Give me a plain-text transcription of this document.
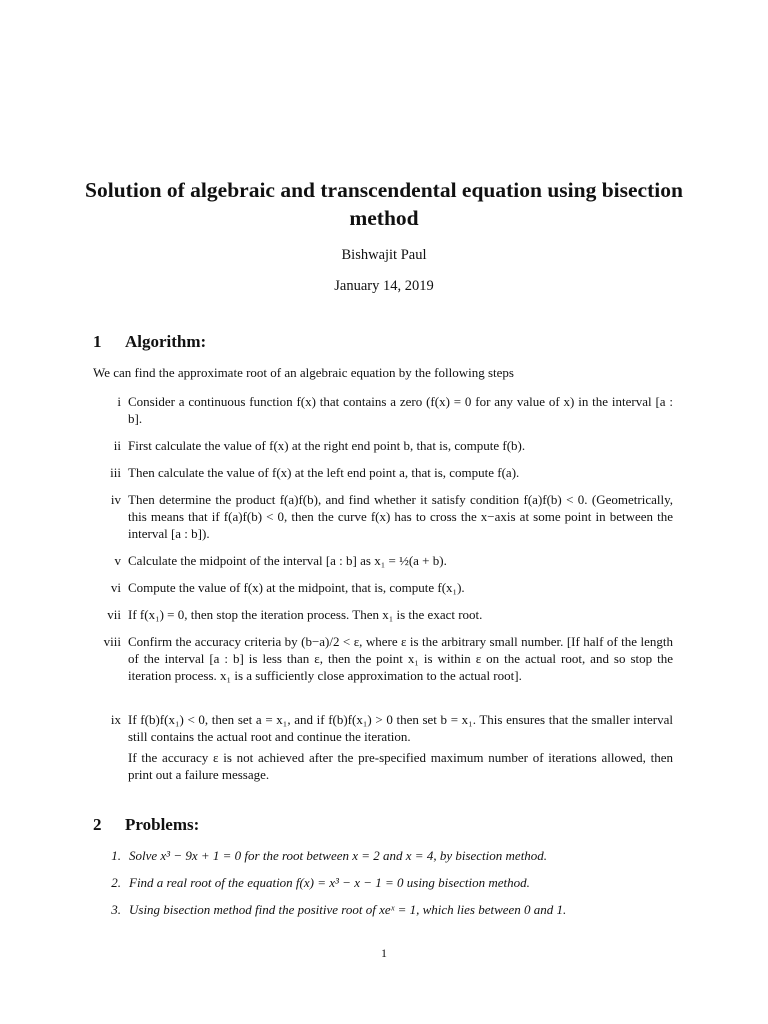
Solution of algebraic and transcendental equation using bisection method
Bishwajit Paul
January 14, 2019
1 Algorithm:
We can find the approximate root of an algebraic equation by the following steps
i Consider a continuous function f(x) that contains a zero (f(x) = 0 for any value of x) in the interval [a : b].
ii First calculate the value of f(x) at the right end point b, that is, compute f(b).
iii Then calculate the value of f(x) at the left end point a, that is, compute f(a).
iv Then determine the product f(a)f(b), and find whether it satisfy condition f(a)f(b) < 0. (Geometrically, this means that if f(a)f(b) < 0, then the curve f(x) has to cross the x−axis at some point in between the interval [a : b]).
v Calculate the midpoint of the interval [a : b] as x₁ = ½(a + b).
vi Compute the value of f(x) at the midpoint, that is, compute f(x₁).
vii If f(x₁) = 0, then stop the iteration process. Then x₁ is the exact root.
viii Confirm the accuracy criteria by (b−a)/2 < ε, where ε is the arbitrary small number. [If half of the length of the interval [a : b] is less than ε, then the point x₁ is within ε on the actual root, and so stop the iteration process. x₁ is a sufficiently close approximation to the actual root].
ix If f(b)f(x₁) < 0, then set a = x₁, and if f(b)f(x₁) > 0 then set b = x₁. This ensures that the smaller interval still contains the actual root and continue the iteration.
If the accuracy ε is not achieved after the pre-specified maximum number of iterations allowed, then print out a failure message.
2 Problems:
1. Solve x³ − 9x + 1 = 0 for the root between x = 2 and x = 4, by bisection method.
2. Find a real root of the equation f(x) = x³ − x − 1 = 0 using bisection method.
3. Using bisection method find the positive root of xeˣ = 1, which lies between 0 and 1.
1
